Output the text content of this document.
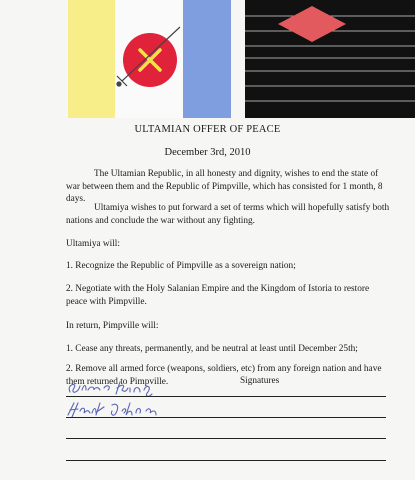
ULTAMIAN OFFER OF PEACE
December 3rd, 2010
The Ultamian Republic, in all honesty and dignity, wishes to end the state of war between them and the Republic of Pimpville, which has consisted for 1 month, 8 days.
Ultamiya wishes to put forward a set of terms which will hopefully satisfy both nations and conclude the war without any fighting.
Ultamiya will:
1. Recognize the Republic of Pimpville as a sovereign nation;
2. Negotiate with the Holy Salanian Empire and the Kingdom of Istoria to restore peace with Pimpville.
In return, Pimpville will:
1. Cease any threats, permanently, and be neutral at least until December 25th;
2. Remove all armed force (weapons, soldiers, etc) from any foreign nation and have them returned to Pimpville.	Signatures
